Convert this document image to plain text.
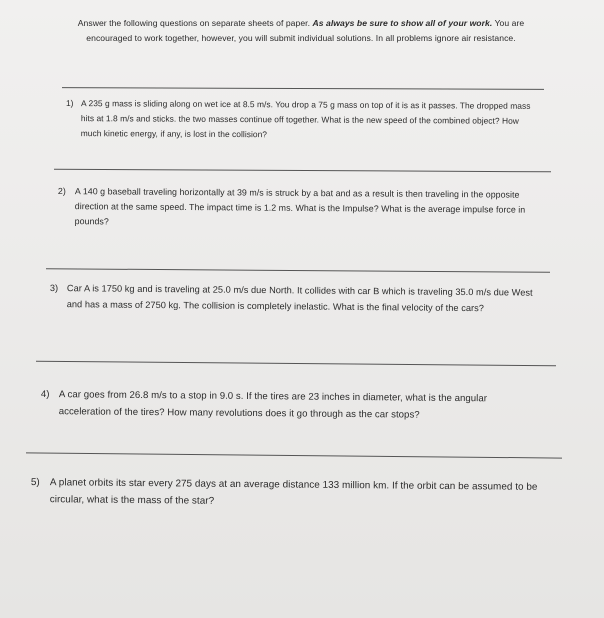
Answer the following questions on separate sheets of paper. As always be sure to show all of your work. You are encouraged to work together, however, you will submit individual solutions. In all problems ignore air resistance.
1) A 235 g mass is sliding along on wet ice at 8.5 m/s. You drop a 75 g mass on top of it is as it passes. The dropped mass hits at 1.8 m/s and sticks. the two masses continue off together. What is the new speed of the combined object? How much kinetic energy, if any, is lost in the collision?
2) A 140 g baseball traveling horizontally at 39 m/s is struck by a bat and as a result is then traveling in the opposite direction at the same speed. The impact time is 1.2 ms. What is the Impulse? What is the average impulse force in pounds?
3) Car A is 1750 kg and is traveling at 25.0 m/s due North. It collides with car B which is traveling 35.0 m/s due West and has a mass of 2750 kg. The collision is completely inelastic. What is the final velocity of the cars?
4) A car goes from 26.8 m/s to a stop in 9.0 s. If the tires are 23 inches in diameter, what is the angular acceleration of the tires? How many revolutions does it go through as the car stops?
5) A planet orbits its star every 275 days at an average distance 133 million km. If the orbit can be assumed to be circular, what is the mass of the star?
